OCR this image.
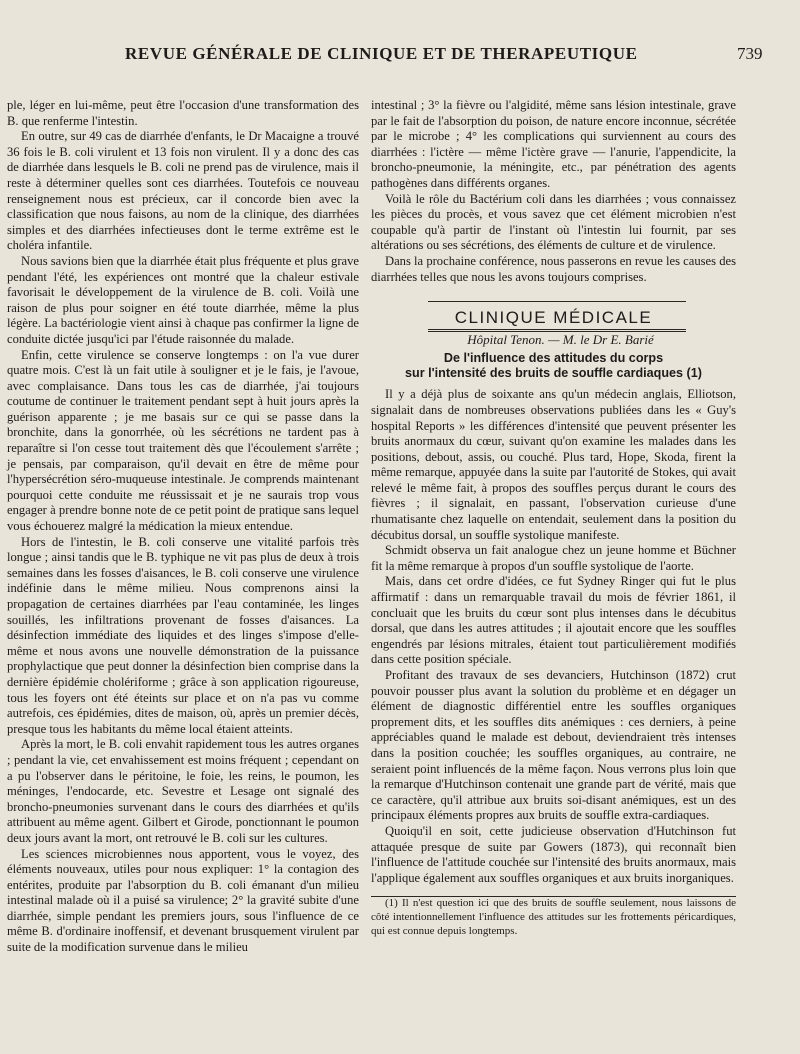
REVUE GÉNÉRALE DE CLINIQUE ET DE THERAPEUTIQUE	739

ple, léger en lui-même, peut être l'occasion d'une transformation des B. que renferme l'intestin.

En outre, sur 49 cas de diarrhée d'enfants, le Dr Macaigne a trouvé 36 fois le B. coli virulent et 13 fois non virulent. Il y a donc des cas de diarrhée dans lesquels le B. coli ne prend pas de virulence, mais il reste à déterminer quelles sont ces diarrhées. Toutefois ce nouveau renseignement nous est précieux, car il concorde bien avec la classification que nous faisons, au nom de la clinique, des diarrhées simples et des diarrhées infectieuses dont le terme extrême est le choléra infantile.

Nous savions bien que la diarrhée était plus fréquente et plus grave pendant l'été, les expériences ont montré que la chaleur estivale favorisait le développement de la virulence de B. coli. Voilà une raison de plus pour soigner en été toute diarrhée, même la plus légère. La bactériologie vient ainsi à chaque pas confirmer la ligne de conduite dictée jusqu'ici par l'étude raisonnée du malade.

Enfin, cette virulence se conserve longtemps : on l'a vue durer quatre mois. C'est là un fait utile à souligner et je le fais, je l'avoue, avec complaisance. Dans tous les cas de diarrhée, j'ai toujours coutume de continuer le traitement pendant sept à huit jours après la guérison apparente ; je me basais sur ce qui se passe dans la bronchite, dans la gonorrhée, où les sécrétions ne tardent pas à reparaître si l'on cesse tout traitement dès que l'écoulement s'arrête ; je pensais, par comparaison, qu'il devait en être de même pour l'hypersécrétion séro-muqueuse intestinale. Je comprends maintenant pourquoi cette conduite me réussissait et je ne saurais trop vous engager à prendre bonne note de ce petit point de pratique sans lequel vous échouerez malgré la médication la mieux entendue.

Hors de l'intestin, le B. coli conserve une vitalité parfois très longue ; ainsi tandis que le B. typhique ne vit pas plus de deux à trois semaines dans les fosses d'aisances, le B. coli conserve une virulence indéfinie dans le même milieu. Nous comprenons ainsi la propagation de certaines diarrhées par l'eau contaminée, les linges souillés, les infiltrations provenant de fosses d'aisances. La désinfection immédiate des liquides et des linges s'impose d'elle-même et nous avons une nouvelle démonstration de la puissance prophylactique que peut donner la désinfection bien comprise dans la dernière épidémie cholériforme ; grâce à son application rigoureuse, tous les foyers ont été éteints sur place et on n'a pas vu comme autrefois, ces épidémies, dites de maison, où, après un premier décès, presque tous les habitants du même local étaient atteints.

Après la mort, le B. coli envahit rapidement tous les autres organes ; pendant la vie, cet envahissement est moins fréquent ; cependant on a pu l'observer dans le péritoine, le foie, les reins, le poumon, les méninges, l'endocarde, etc. Sevestre et Lesage ont signalé des broncho-pneumonies survenant dans le cours des diarrhées et qu'ils attribuent au même agent. Gilbert et Girode, ponctionnant le poumon deux jours avant la mort, ont retrouvé le B. coli sur les cultures.

Les sciences microbiennes nous apportent, vous le voyez, des éléments nouveaux, utiles pour nous expliquer: 1° la contagion des entérites, produite par l'absorption du B. coli émanant d'un milieu intestinal malade où il a puisé sa virulence; 2° la gravité subite d'une diarrhée, simple pendant les premiers jours, sous l'influence de ce même B. d'ordinaire inoffensif, et devenant brusquement virulent par suite de la modification survenue dans le milieu

intestinal ; 3° la fièvre ou l'algidité, même sans lésion intestinale, grave par le fait de l'absorption du poison, de nature encore inconnue, sécrétée par le microbe ; 4° les complications qui surviennent au cours des diarrhées : l'ictère — même l'ictère grave — l'anurie, l'appendicite, la broncho-pneumonie, la méningite, etc., par pénétration des agents pathogènes dans différents organes.

Voilà le rôle du Bactérium coli dans les diarrhées ; vous connaissez les pièces du procès, et vous savez que cet élément microbien n'est coupable qu'à partir de l'instant où l'intestin lui fournit, par ses altérations ou ses sécrétions, des éléments de culture et de virulence.

Dans la prochaine conférence, nous passerons en revue les causes des diarrhées telles que nous les avons toujours comprises.

CLINIQUE MÉDICALE

Hôpital Tenon. — M. le Dr E. Barié

De l'influence des attitudes du corps
sur l'intensité des bruits de souffle cardiaques (1)

Il y a déjà plus de soixante ans qu'un médecin anglais, Elliotson, signalait dans de nombreuses observations publiées dans les « Guy's hospital Reports » les différences d'intensité que peuvent présenter les bruits anormaux du cœur, suivant qu'on examine les malades dans les positions, debout, assis, ou couché. Plus tard, Hope, Skoda, firent la même remarque, appuyée dans la suite par l'autorité de Stokes, qui avait relevé le même fait, à propos des souffles perçus durant le cours des fièvres ; il signalait, en passant, l'observation curieuse d'une rhumatisante chez laquelle on entendait, seulement dans la position du décubitus dorsal, un souffle systolique manifeste.

Schmidt observa un fait analogue chez un jeune homme et Büchner fit la même remarque à propos d'un souffle systolique de l'aorte.

Mais, dans cet ordre d'idées, ce fut Sydney Ringer qui fut le plus affirmatif : dans un remarquable travail du mois de février 1861, il concluait que les bruits du cœur sont plus intenses dans le décubitus dorsal, que dans les autres attitudes ; il ajoutait encore que les souffles engendrés par lésions mitrales, étaient tout particulièrement modifiés dans cette position spéciale.

Profitant des travaux de ses devanciers, Hutchinson (1872) crut pouvoir pousser plus avant la solution du problème et en dégager un élément de diagnostic différentiel entre les souffles organiques proprement dits, et les souffles dits anémiques : ces derniers, à peine appréciables quand le malade est debout, deviendraient très intenses dans la position couchée; les souffles organiques, au contraire, ne seraient point influencés de la même façon. Nous verrons plus loin que la remarque d'Hutchinson contenait une grande part de vérité, mais que ce caractère, qu'il attribue aux bruits soi-disant anémiques, est un des principaux éléments propres aux bruits de souffle extra-cardiaques.

Quoiqu'il en soit, cette judicieuse observation d'Hutchinson fut attaquée presque de suite par Gowers (1873), qui reconnaît bien l'influence de l'attitude couchée sur l'intensité des bruits anormaux, mais l'applique également aux souffles organiques et aux bruits inorganiques.

(1) Il n'est question ici que des bruits de souffle seulement, nous laissons de côté intentionnellement l'influence des attitudes sur les frottements péricardiques, qui est connue depuis longtemps.
